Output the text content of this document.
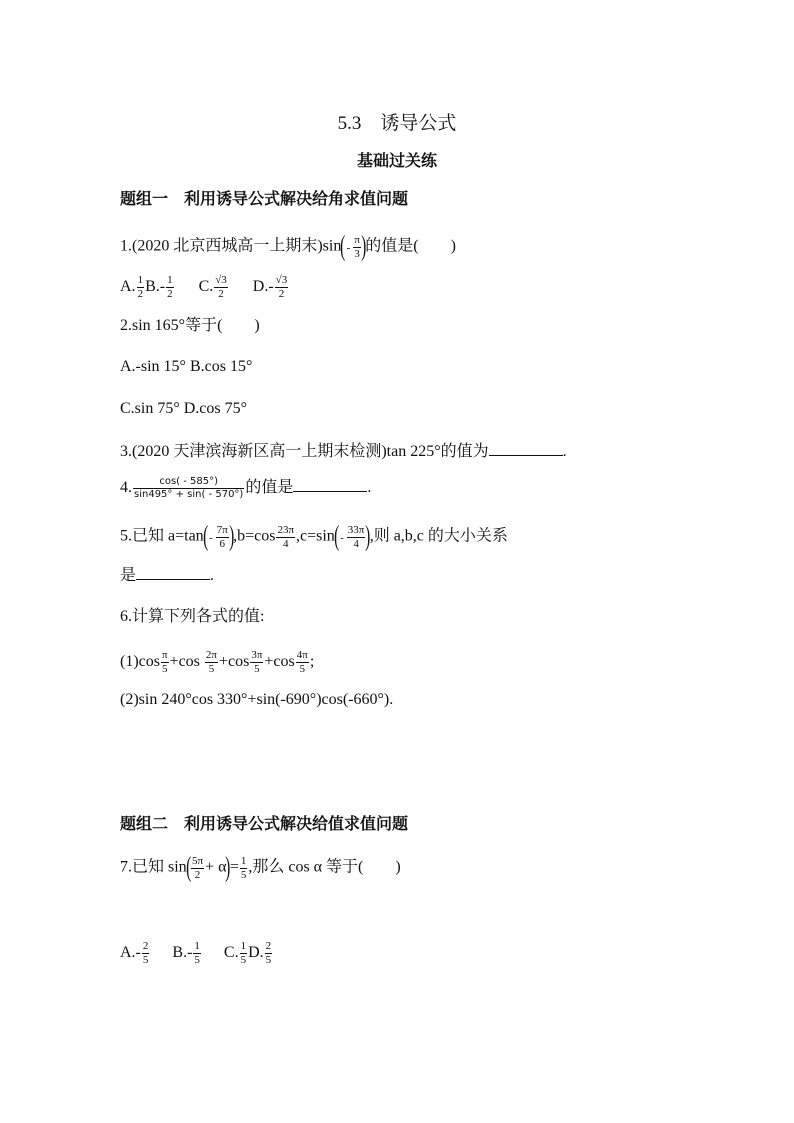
5.3　诱导公式
基础过关练
题组一　利用诱导公式解决给角求值问题
1.(2020 北京西城高一上期末)$\sin(- \frac{\pi}{3}$ )的值是(　　)
A. $\frac{1}{2} B.- \frac{1}{2} C$. $\frac{√3}{2} D.- \frac{√3}{2}$
2.sin 165°等于(　　)
A.-sin 15° B.cos 15°
C.sin 75° D.cos 75°
3.(2020 天津滨海新区高一上期末检测)tan 225°的值为	.
4. $\frac{\cos( - 585^\circ)}{\sin 495^\circ + \sin( - 570^\circ)}$ 的值是	.
5.已知 $a=\tan(- \frac{7\pi}{6} ),b=\cos \frac{23\pi}{4} ,c=\sin(- \frac{33\pi}{4}$ ),则 a,b,c 的大小关系
是	.
6.计算下列各式的值:
$(1)\cos \frac{\pi}{5} +\cos \frac{2\pi}{5} +\cos \frac{3\pi}{5} +\cos \frac{4\pi}{5}$ ;
(2)sin 240°cos 330°+sin(-690°)cos(-660°).
题组二　利用诱导公式解决给值求值问题
7.已知 $\sin( \frac{5\pi}{2} + \alpha)= \frac{1}{5}$ ,那么 cos α 等于(　　)
$A.- \frac{2}{5} B.- \frac{1}{5} C$. $\frac{1}{5} D$. $\frac{2}{5}$
